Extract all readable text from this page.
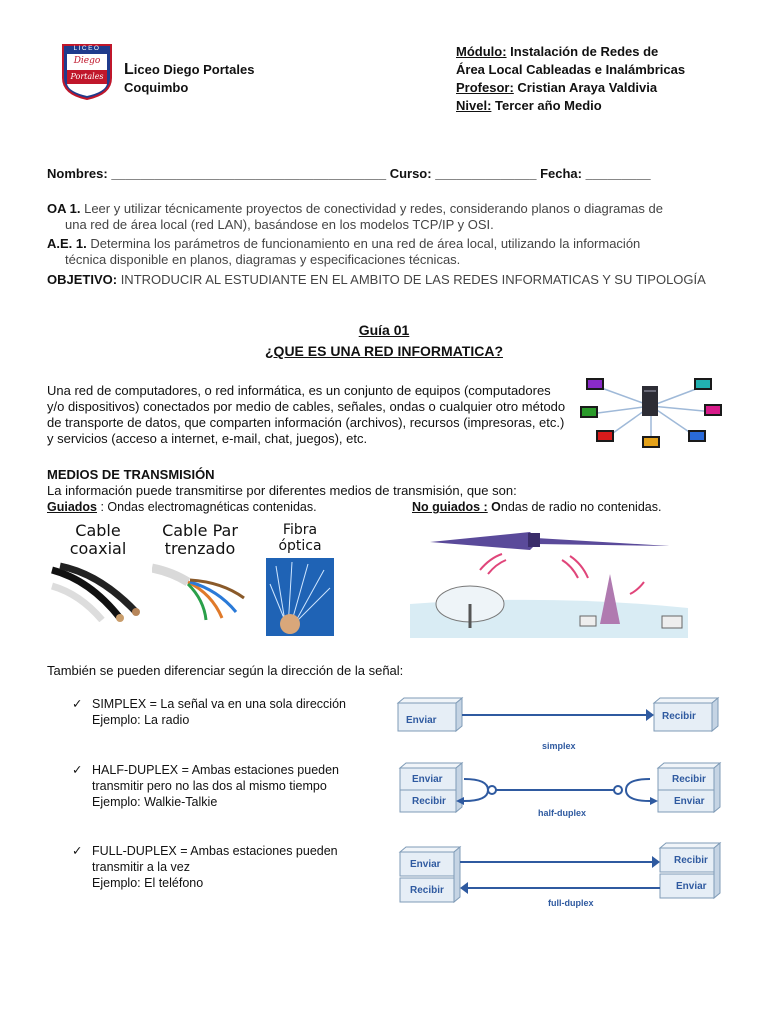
LICEO
Diego
Portales	Liceo Diego Portales
Coquimbo
Módulo: Instalación de Redes de
Área Local Cableadas e Inalámbricas
Profesor: Cristian Araya Valdivia
Nivel: Tercer año Medio
Nombres: ______________________________________ Curso: ______________ Fecha: _________
OA 1. Leer y utilizar técnicamente proyectos de conectividad y redes, considerando planos o diagramas de
una red de área local (red LAN), basándose en los modelos TCP/IP y OSI.
A.E. 1. Determina los parámetros de funcionamiento en una red de área local, utilizando la información
técnica disponible en planos, diagramas y especificaciones técnicas.
OBJETIVO: INTRODUCIR AL ESTUDIANTE EN EL AMBITO DE LAS REDES INFORMATICAS Y SU TIPOLOGÍA
Guía 01
¿QUE ES UNA RED INFORMATICA?
Una red de computadores, o red informática, es un conjunto de equipos (computadores
y/o dispositivos) conectados por medio de cables, señales, ondas o cualquier otro método
de transporte de datos, que comparten información (archivos), recursos (impresoras, etc.)
y servicios (acceso a internet, e-mail, chat, juegos), etc.
MEDIOS DE TRANSMISIÓN
La información puede transmitirse por diferentes medios de transmisión, que son:
Guiados : Ondas electromagnéticas contenidas.	No guiados : Ondas de radio no contenidas.
Cable
coaxial
Cable Par
trenzado
Fibra
óptica
También se pueden diferenciar según la dirección de la señal:
✓ SIMPLEX = La señal va en una sola dirección
Ejemplo: La radio
✓ HALF-DUPLEX = Ambas estaciones pueden
transmitir pero no las dos al mismo tiempo
Ejemplo: Walkie-Talkie
✓ FULL-DUPLEX = Ambas estaciones pueden
transmitir a la vez
Ejemplo: El teléfono
Enviar	Recibir
simplex
Enviar
Recibir
Recibir
Enviar
half-duplex
Enviar
Recibir
Recibir
Enviar
full-duplex
